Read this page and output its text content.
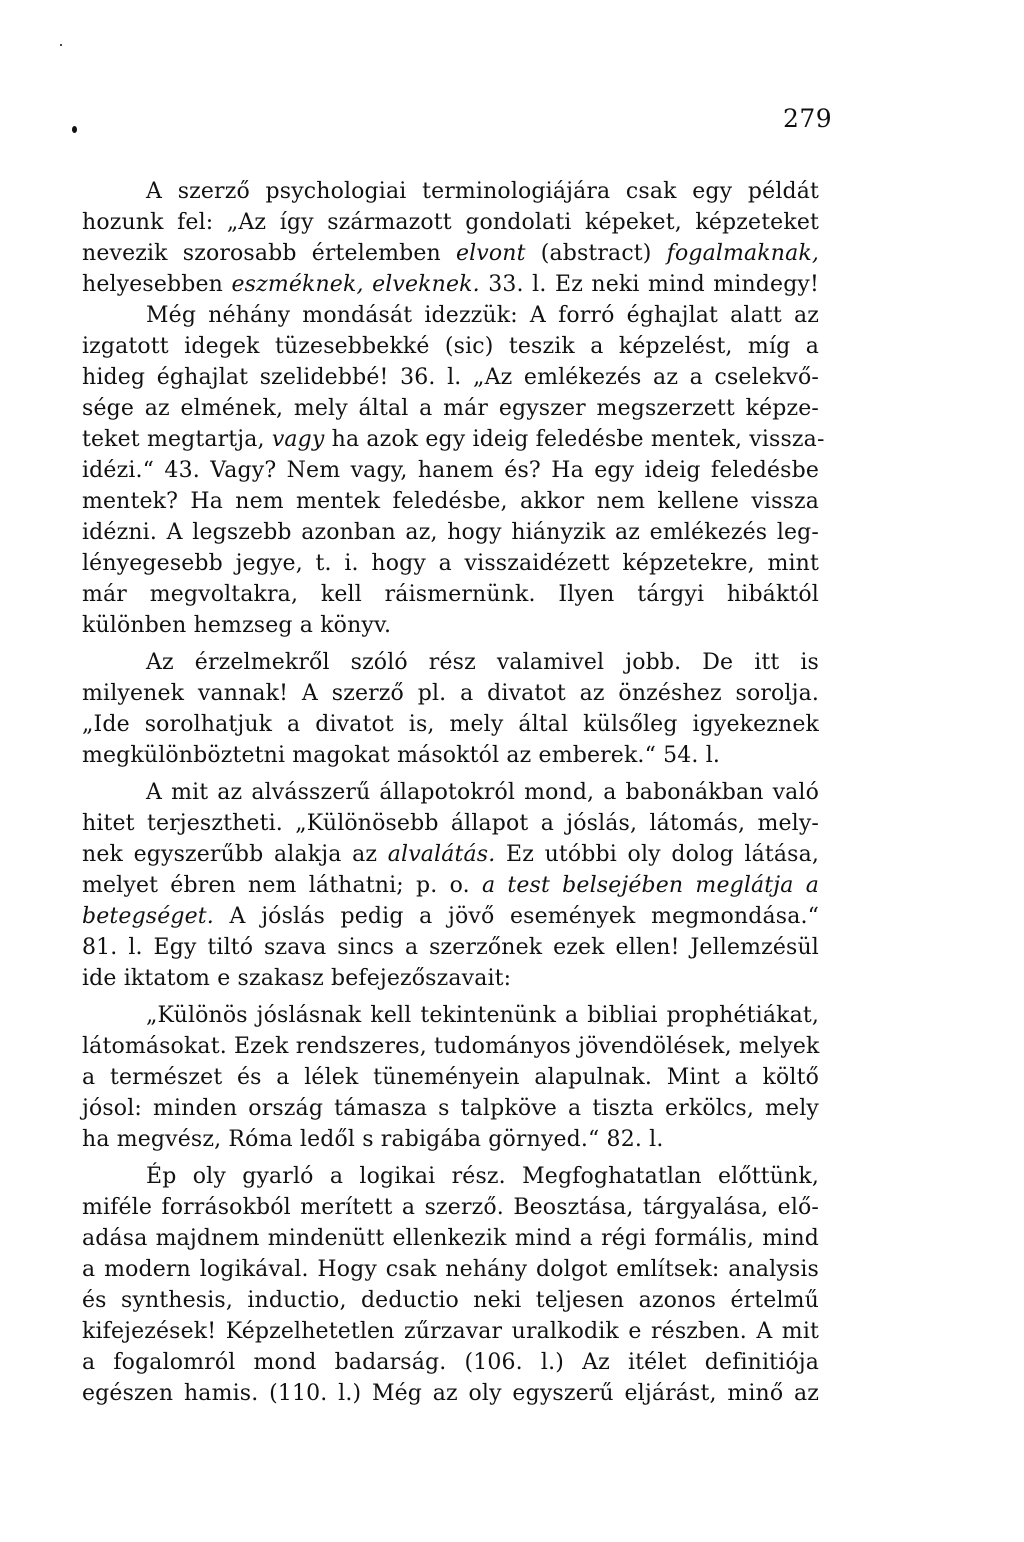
279
A szerző psychologiai terminologiájára csak egy példát
hozunk fel: „Az így származott gondolati képeket, képzeteket
nevezik szorosabb értelemben elvont (abstract) fogalmaknak,
helyesebben eszméknek, elveknek. 33. l. Ez neki mind mindegy!
Még néhány mondását idezzük: A forró éghajlat alatt az
izgatott idegek tüzesebbekké (sic) teszik a képzelést, míg a
hideg éghajlat szelidebbé! 36. l. „Az emlékezés az a cselekvő-
sége az elmének, mely által a már egyszer megszerzett képze-
teket megtartja, vagy ha azok egy ideig feledésbe mentek, vissza-
idézi.“ 43. Vagy? Nem vagy, hanem és? Ha egy ideig feledésbe
mentek? Ha nem mentek feledésbe, akkor nem kellene vissza
idézni. A legszebb azonban az, hogy hiányzik az emlékezés leg-
lényegesebb jegye, t. i. hogy a visszaidézett képzetekre, mint
már megvoltakra, kell ráismernünk. Ilyen tárgyi hibáktól
különben hemzseg a könyv.
Az érzelmekről szóló rész valamivel jobb. De itt is
milyenek vannak! A szerző pl. a divatot az önzéshez sorolja.
„Ide sorolhatjuk a divatot is, mely által külsőleg igyekeznek
megkülönböztetni magokat másoktól az emberek.“ 54. l.
A mit az alvásszerű állapotokról mond, a babonákban való
hitet terjesztheti. „Különösebb állapot a jóslás, látomás, mely-
nek egyszerűbb alakja az alvalátás. Ez utóbbi oly dolog látása,
melyet ébren nem láthatni; p. o. a test belsejében meglátja a
betegséget. A jóslás pedig a jövő események megmondása.“
81. l. Egy tiltó szava sincs a szerzőnek ezek ellen! Jellemzésül
ide iktatom e szakasz befejezőszavait:
„Különös jóslásnak kell tekintenünk a bibliai prophétiákat,
látomásokat. Ezek rendszeres, tudományos jövendölések, melyek
a természet és a lélek tüneményein alapulnak. Mint a költő
jósol: minden ország támasza s talpköve a tiszta erkölcs, mely
ha megvész, Róma ledől s rabigába görnyed.“ 82. l.
Ép oly gyarló a logikai rész. Megfoghatatlan előttünk,
miféle forrásokból merített a szerző. Beosztása, tárgyalása, elő-
adása majdnem mindenütt ellenkezik mind a régi formális, mind
a modern logikával. Hogy csak nehány dolgot említsek: analysis
és synthesis, inductio, deductio neki teljesen azonos értelmű
kifejezések! Képzelhetetlen zűrzavar uralkodik e részben. A mit
a fogalomról mond badarság. (106. l.) Az itélet definitiója
egészen hamis. (110. l.) Még az oly egyszerű eljárást, minő az
